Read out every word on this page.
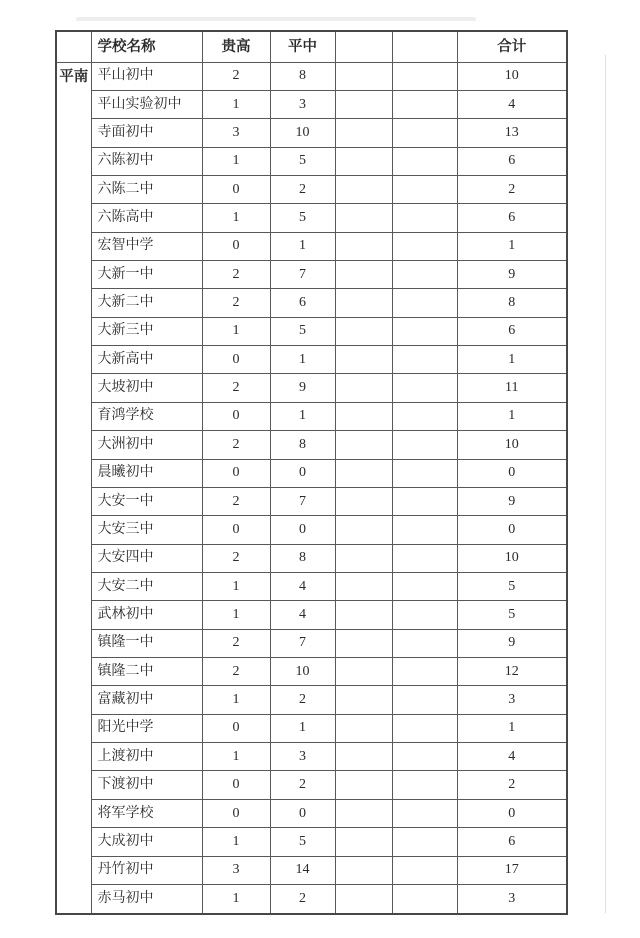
	学校名称	贵高	平中			合计
平南	平山初中	2	8			10
	平山实验初中	1	3			4
	寺面初中	3	10			13
	六陈初中	1	5			6
	六陈二中	0	2			2
	六陈高中	1	5			6
	宏智中学	0	1			1
	大新一中	2	7			9
	大新二中	2	6			8
	大新三中	1	5			6
	大新高中	0	1			1
	大坡初中	2	9			11
	育鸿学校	0	1			1
	大洲初中	2	8			10
	晨曦初中	0	0			0
	大安一中	2	7			9
	大安三中	0	0			0
	大安四中	2	8			10
	大安二中	1	4			5
	武林初中	1	4			5
	镇隆一中	2	7			9
	镇隆二中	2	10			12
	富藏初中	1	2			3
	阳光中学	0	1			1
	上渡初中	1	3			4
	下渡初中	0	2			2
	将军学校	0	0			0
	大成初中	1	5			6
	丹竹初中	3	14			17
	赤马初中	1	2			3
